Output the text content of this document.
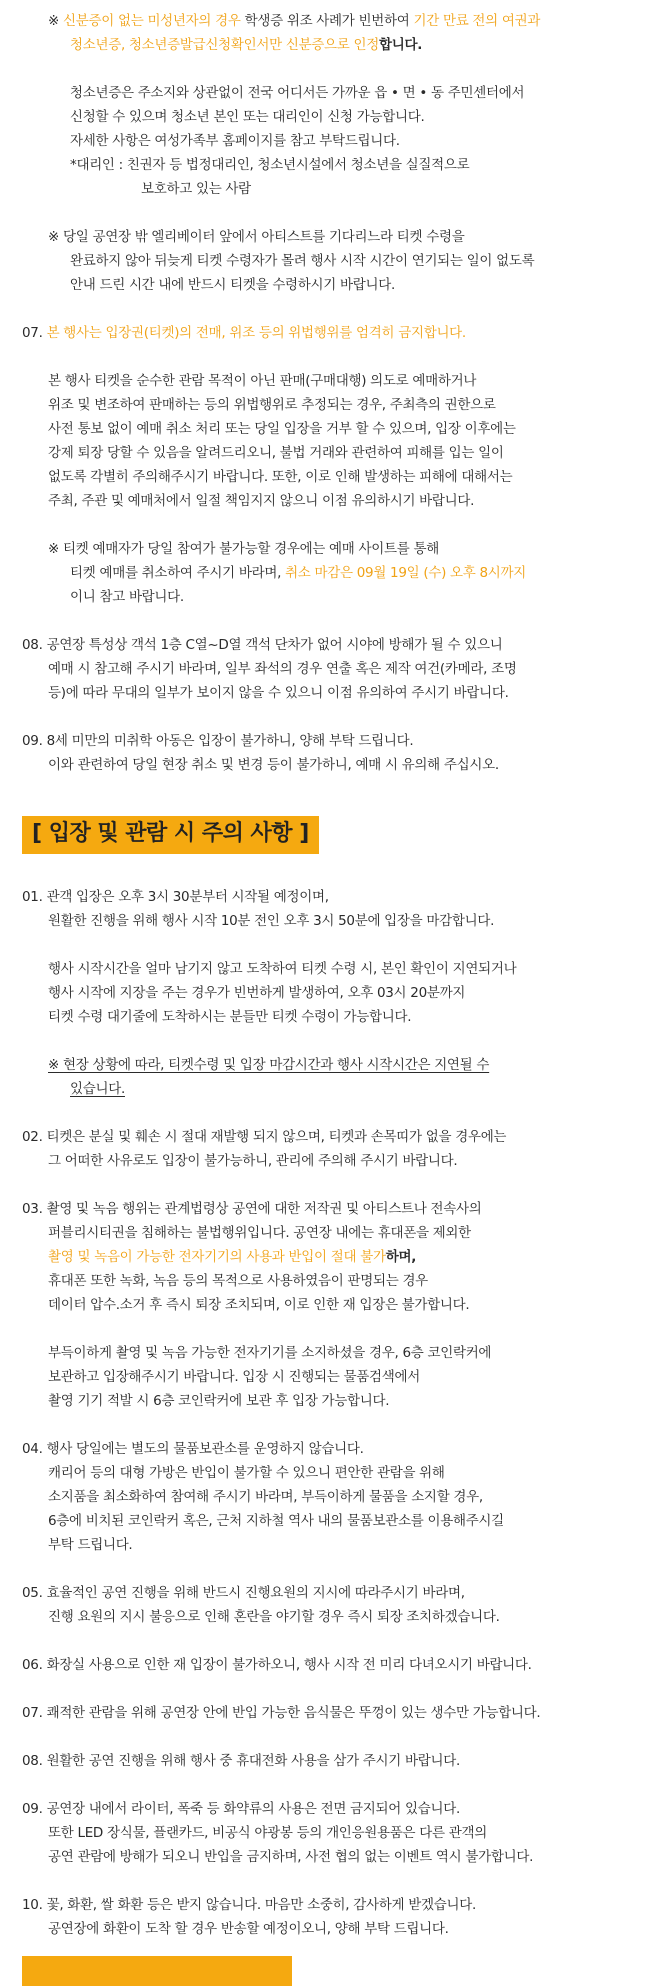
※ 신분증이 없는 미성년자의 경우 학생증 위조 사례가 빈번하여 기간 만료 전의 여권과
청소년증, 청소년증발급신청확인서만 신분증으로 인정합니다.
청소년증은 주소지와 상관없이 전국 어디서든 가까운 읍 • 면 • 동 주민센터에서
신청할 수 있으며 청소년 본인 또는 대리인이 신청 가능합니다.
자세한 사항은 여성가족부 홈페이지를 참고 부탁드립니다.
*대리인 : 친권자 등 법정대리인, 청소년시설에서 청소년을 실질적으로
보호하고 있는 사람
※ 당일 공연장 밖 엘리베이터 앞에서 아티스트를 기다리느라 티켓 수령을
완료하지 않아 뒤늦게 티켓 수령자가 몰려 행사 시작 시간이 연기되는 일이 없도록
안내 드린 시간 내에 반드시 티켓을 수령하시기 바랍니다.
07. 본 행사는 입장권(티켓)의 전매, 위조 등의 위법행위를 엄격히 금지합니다.
본 행사 티켓을 순수한 관람 목적이 아닌 판매(구매대행) 의도로 예매하거나
위조 및 변조하여 판매하는 등의 위법행위로 추정되는 경우, 주최측의 권한으로
사전 통보 없이 예매 취소 처리 또는 당일 입장을 거부 할 수 있으며, 입장 이후에는
강제 퇴장 당할 수 있음을 알려드리오니, 불법 거래와 관련하여 피해를 입는 일이
없도록 각별히 주의해주시기 바랍니다. 또한, 이로 인해 발생하는 피해에 대해서는
주최, 주관 및 예매처에서 일절 책임지지 않으니 이점 유의하시기 바랍니다.
※ 티켓 예매자가 당일 참여가 불가능할 경우에는 예매 사이트를 통해
티켓 예매를 취소하여 주시기 바라며, 취소 마감은 09월 19일 (수) 오후 8시까지
이니 참고 바랍니다.
08. 공연장 특성상 객석 1층 C열~D열 객석 단차가 없어 시야에 방해가 될 수 있으니
예매 시 참고해 주시기 바라며, 일부 좌석의 경우 연출 혹은 제작 여건(카메라, 조명
등)에 따라 무대의 일부가 보이지 않을 수 있으니 이점 유의하여 주시기 바랍니다.
09. 8세 미만의 미취학 아동은 입장이 불가하니, 양해 부탁 드립니다.
이와 관련하여 당일 현장 취소 및 변경 등이 불가하니, 예매 시 유의해 주십시오.
[ 입장 및 관람 시 주의 사항 ]
01. 관객 입장은 오후 3시 30분부터 시작될 예정이며,
원활한 진행을 위해 행사 시작 10분 전인 오후 3시 50분에 입장을 마감합니다.
행사 시작시간을 얼마 남기지 않고 도착하여 티켓 수령 시, 본인 확인이 지연되거나
행사 시작에 지장을 주는 경우가 빈번하게 발생하여, 오후 03시 20분까지
티켓 수령 대기줄에 도착하시는 분들만 티켓 수령이 가능합니다.
※ 현장 상황에 따라, 티켓수령 및 입장 마감시간과 행사 시작시간은 지연될 수
있습니다.
02. 티켓은 분실 및 훼손 시 절대 재발행 되지 않으며, 티켓과 손목띠가 없을 경우에는
그 어떠한 사유로도 입장이 불가능하니, 관리에 주의해 주시기 바랍니다.
03. 촬영 및 녹음 행위는 관계법령상 공연에 대한 저작권 및 아티스트나 전속사의
퍼블리시티권을 침해하는 불법행위입니다. 공연장 내에는 휴대폰을 제외한
촬영 및 녹음이 가능한 전자기기의 사용과 반입이 절대 불가하며,
휴대폰 또한 녹화, 녹음 등의 목적으로 사용하였음이 판명되는 경우
데이터 압수.소거 후 즉시 퇴장 조치되며, 이로 인한 재 입장은 불가합니다.
부득이하게 촬영 및 녹음 가능한 전자기기를 소지하셨을 경우, 6층 코인락커에
보관하고 입장해주시기 바랍니다. 입장 시 진행되는 물품검색에서
촬영 기기 적발 시 6층 코인락커에 보관 후 입장 가능합니다.
04. 행사 당일에는 별도의 물품보관소를 운영하지 않습니다.
캐리어 등의 대형 가방은 반입이 불가할 수 있으니 편안한 관람을 위해
소지품을 최소화하여 참여해 주시기 바라며, 부득이하게 물품을 소지할 경우,
6층에 비치된 코인락커 혹은, 근처 지하철 역사 내의 물품보관소를 이용해주시길
부탁 드립니다.
05. 효율적인 공연 진행을 위해 반드시 진행요원의 지시에 따라주시기 바라며,
진행 요원의 지시 불응으로 인해 혼란을 야기할 경우 즉시 퇴장 조치하겠습니다.
06. 화장실 사용으로 인한 재 입장이 불가하오니, 행사 시작 전 미리 다녀오시기 바랍니다.
07. 쾌적한 관람을 위해 공연장 안에 반입 가능한 음식물은 뚜껑이 있는 생수만 가능합니다.
08. 원활한 공연 진행을 위해 행사 중 휴대전화 사용을 삼가 주시기 바랍니다.
09. 공연장 내에서 라이터, 폭죽 등 화약류의 사용은 전면 금지되어 있습니다.
또한 LED 장식물, 플랜카드, 비공식 야광봉 등의 개인응원용품은 다른 관객의
공연 관람에 방해가 되오니 반입을 금지하며, 사전 협의 없는 이벤트 역시 불가합니다.
10. 꽃, 화환, 쌀 화환 등은 받지 않습니다. 마음만 소중히, 감사하게 받겠습니다.
공연장에 화환이 도착 할 경우 반송할 예정이오니, 양해 부탁 드립니다.
